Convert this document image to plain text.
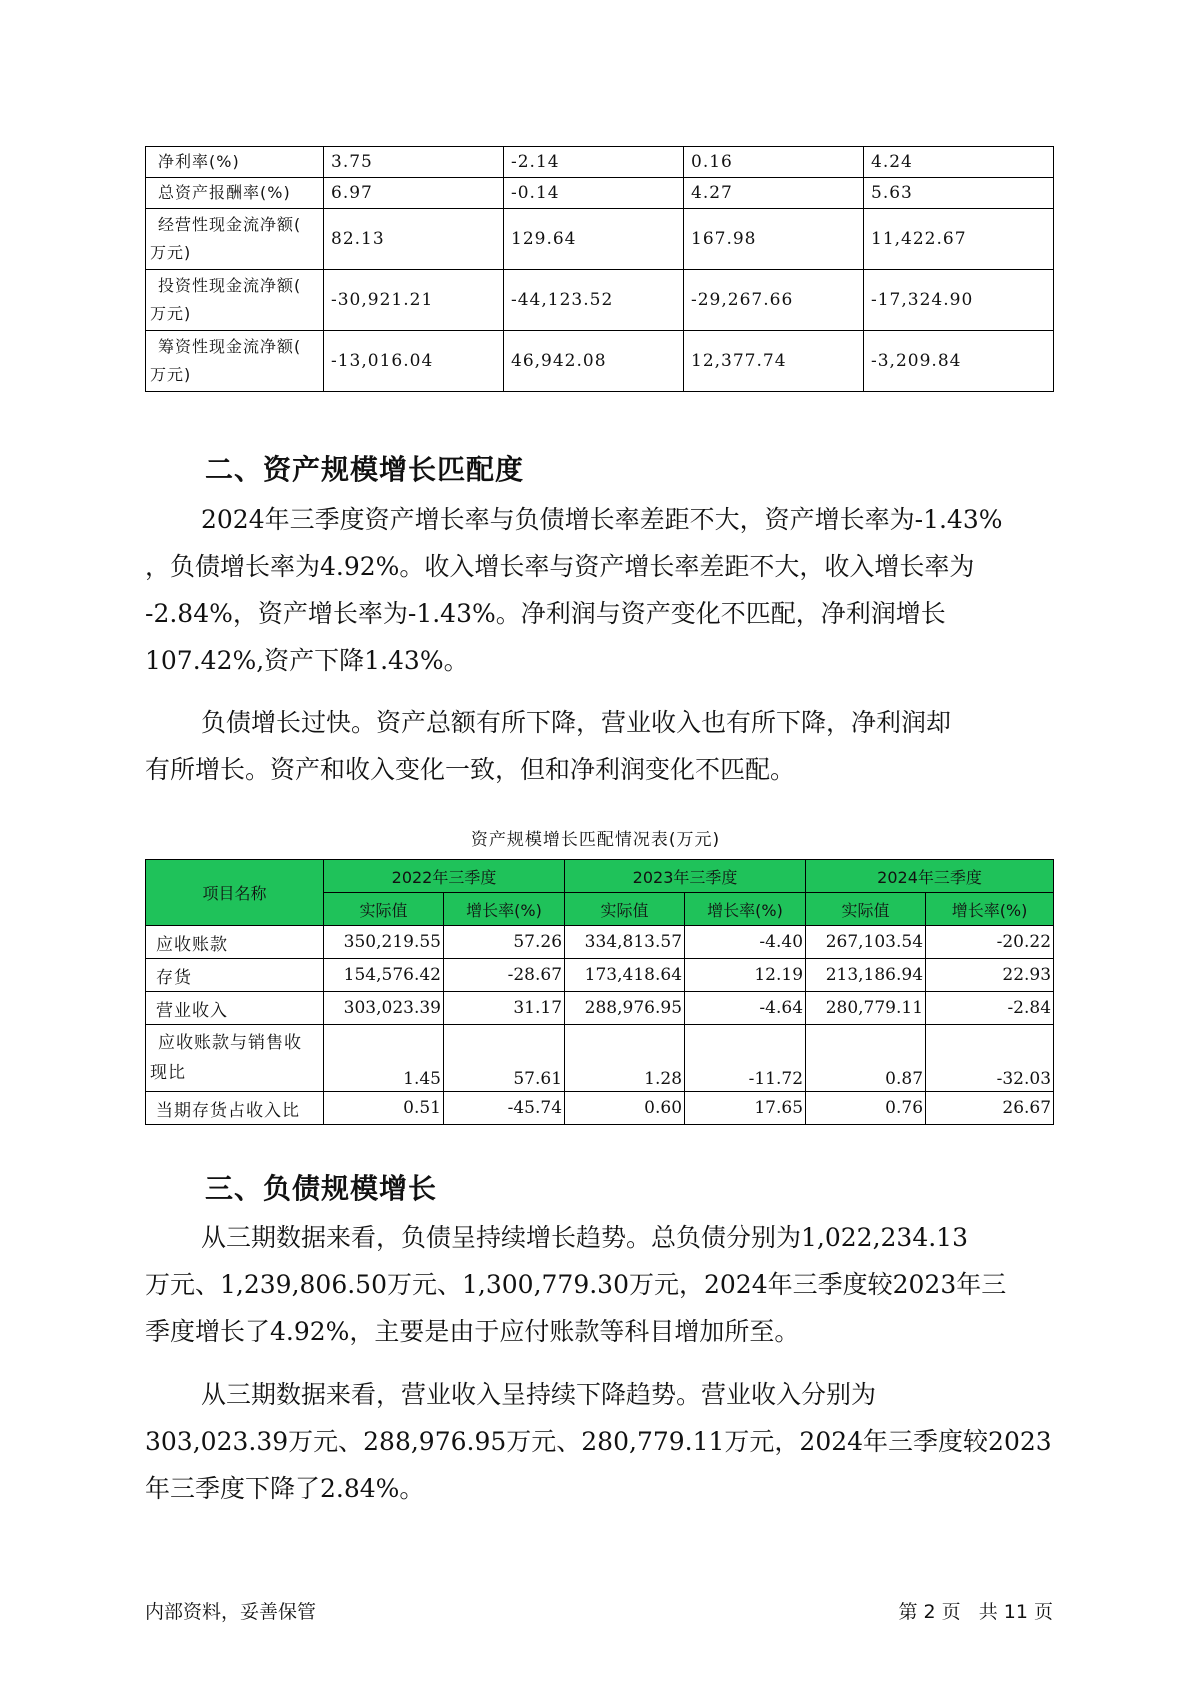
净利率(%)	3.75	-2.14	0.16	4.24
总资产报酬率(%)	6.97	-0.14	4.27	5.63

经营性现金流净额(
万元)	82.13	129.64	167.98	11,422.67

投资性现金流净额(
万元)	-30,921.21	-44,123.52	-29,267.66	-17,324.90

筹资性现金流净额(
万元)	-13,016.04	46,942.08	12,377.74	-3,209.84
二、资产规模增长匹配度
2024年三季度资产增长率与负债增长率差距不大，资产增长率为-1.43%
，负债增长率为4.92%。收入增长率与资产增长率差距不大，收入增长率为
-2.84%，资产增长率为-1.43%。净利润与资产变化不匹配，净利润增长
107.42%,资产下降1.43%。
负债增长过快。资产总额有所下降，营业收入也有所下降，净利润却
有所增长。资产和收入变化一致，但和净利润变化不匹配。
资产规模增长匹配情况表(万元)
项目名称	2022年三季度		2023年三季度		2024年三季度	
	实际值	增长率(%)	实际值	增长率(%)	实际值	增长率(%)
应收账款	350,219.55	57.26	334,813.57	-4.40	267,103.54	-20.22
存货	154,576.42	-28.67	173,418.64	12.19	213,186.94	22.93
营业收入	303,023.39	31.17	288,976.95	-4.64	280,779.11	-2.84

应收账款与销售收
现比	1.45	57.61	1.28	-11.72	0.87	-32.03
当期存货占收入比	0.51	-45.74	0.60	17.65	0.76	26.67
三、负债规模增长
从三期数据来看，负债呈持续增长趋势。总负债分别为1,022,234.13
万元、1,239,806.50万元、1,300,779.30万元，2024年三季度较2023年三
季度增长了4.92%，主要是由于应付账款等科目增加所至。
从三期数据来看，营业收入呈持续下降趋势。营业收入分别为
303,023.39万元、288,976.95万元、280,779.11万元，2024年三季度较2023
年三季度下降了2.84%。
内部资料，妥善保管	第 2 页   共 11 页
